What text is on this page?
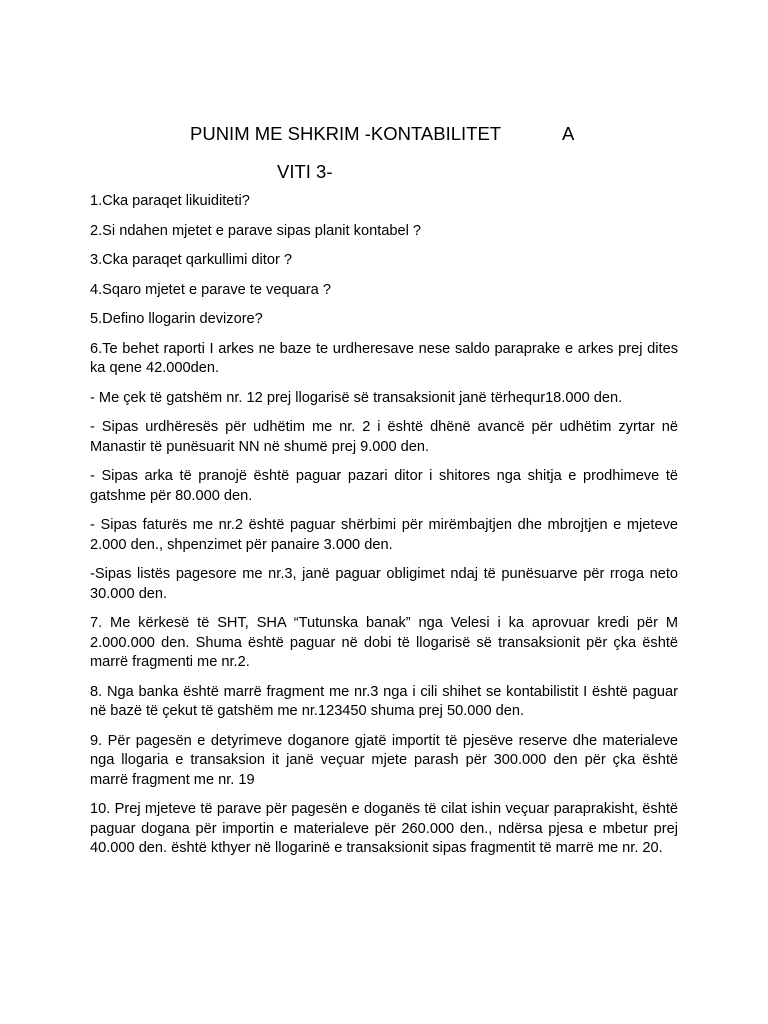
PUNIM ME SHKRIM -KONTABILITET	A
VITI 3-

1.Cka paraqet likuiditeti?

2.Si ndahen mjetet e parave sipas planit kontabel ?

3.Cka paraqet qarkullimi ditor ?

4.Sqaro mjetet e parave te vequara ?

5.Defino llogarin devizore?

6.Te behet raporti I arkes ne baze te urdheresave nese saldo paraprake e arkes prej dites ka qene 42.000den.

- Me çek të gatshëm nr. 12 prej llogarisë së transaksionit janë tërhequr18.000 den.

- Sipas urdhëresës për udhëtim me nr. 2 i është dhënë avancë për udhëtim zyrtar në Manastir të punësuarit NN në shumë prej 9.000 den.

- Sipas arka të pranojë është paguar pazari ditor i shitores nga shitja e prodhimeve të gatshme për 80.000 den.

- Sipas faturës me nr.2 është paguar shërbimi për mirëmbajtjen dhe mbrojtjen e mjeteve 2.000 den., shpenzimet për panaire 3.000 den.

-Sipas listës pagesore me nr.3, janë paguar obligimet ndaj të punësuarve për rroga neto 30.000 den.

7. Me kërkesë të SHT, SHA “Tutunska banak” nga Velesi i ka aprovuar kredi për M 2.000.000 den. Shuma është paguar në dobi të llogarisë së transaksionit për çka është marrë fragmenti me nr.2.

8. Nga banka është marrë fragment me nr.3 nga i cili shihet se kontabilistit I është paguar në bazë të çekut të gatshëm me nr.123450 shuma prej 50.000 den.

9. Për pagesën e detyrimeve doganore gjatë importit të pjesëve reserve dhe materialeve nga llogaria e transaksion it janë veçuar mjete parash për 300.000 den për çka është marrë fragment me nr. 19

10. Prej mjeteve të parave për pagesën e doganës të cilat ishin veçuar paraprakisht, është paguar dogana për importin e materialeve për 260.000 den., ndërsa pjesa e mbetur prej 40.000 den. është kthyer në llogarinë e transaksionit sipas fragmentit të marrë me nr. 20.
